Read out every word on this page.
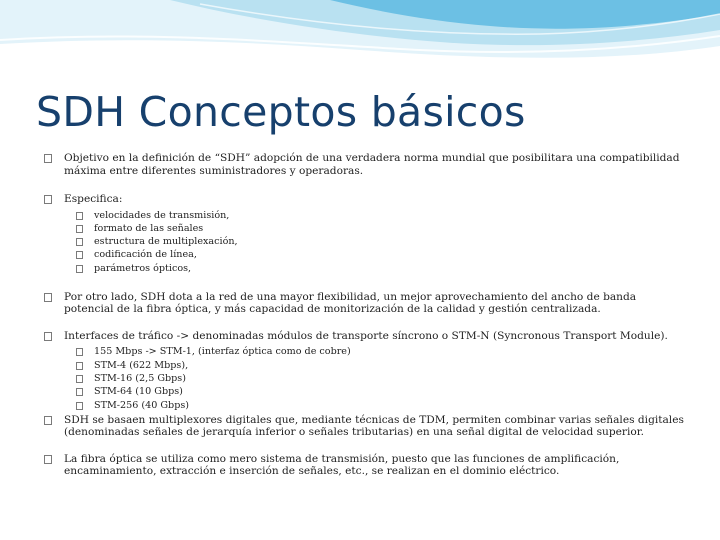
SDH Conceptos básicos
Objetivo en la definición de “SDH” adopción de una verdadera norma mundial que posibilitara una compatibilidad máxima entre diferentes suministradores y operadoras.
Especifica:
velocidades de transmisión,
formato de las señales
estructura de multiplexación,
codificación de línea,
parámetros ópticos,
Por otro lado, SDH dota a la red de una mayor flexibilidad, un mejor aprovechamiento del ancho de banda potencial de la fibra óptica, y más capacidad de monitorización de la calidad y gestión centralizada.
Interfaces de tráfico -> denominadas módulos de transporte síncrono o STM-N (Syncronous Transport Module).
155 Mbps -> STM-1, (interfaz óptica como de cobre)
STM-4 (622 Mbps),
STM-16 (2,5 Gbps)
STM-64 (10 Gbps)
STM-256 (40 Gbps)
SDH se basaen multiplexores digitales que, mediante técnicas de TDM, permiten combinar varias señales digitales (denominadas señales de jerarquía inferior o señales tributarias) en una señal digital de velocidad superior.
La fibra óptica se utiliza como mero sistema de transmisión, puesto que las funciones de amplificación, encaminamiento, extracción e inserción de señales, etc., se realizan en el dominio eléctrico.
